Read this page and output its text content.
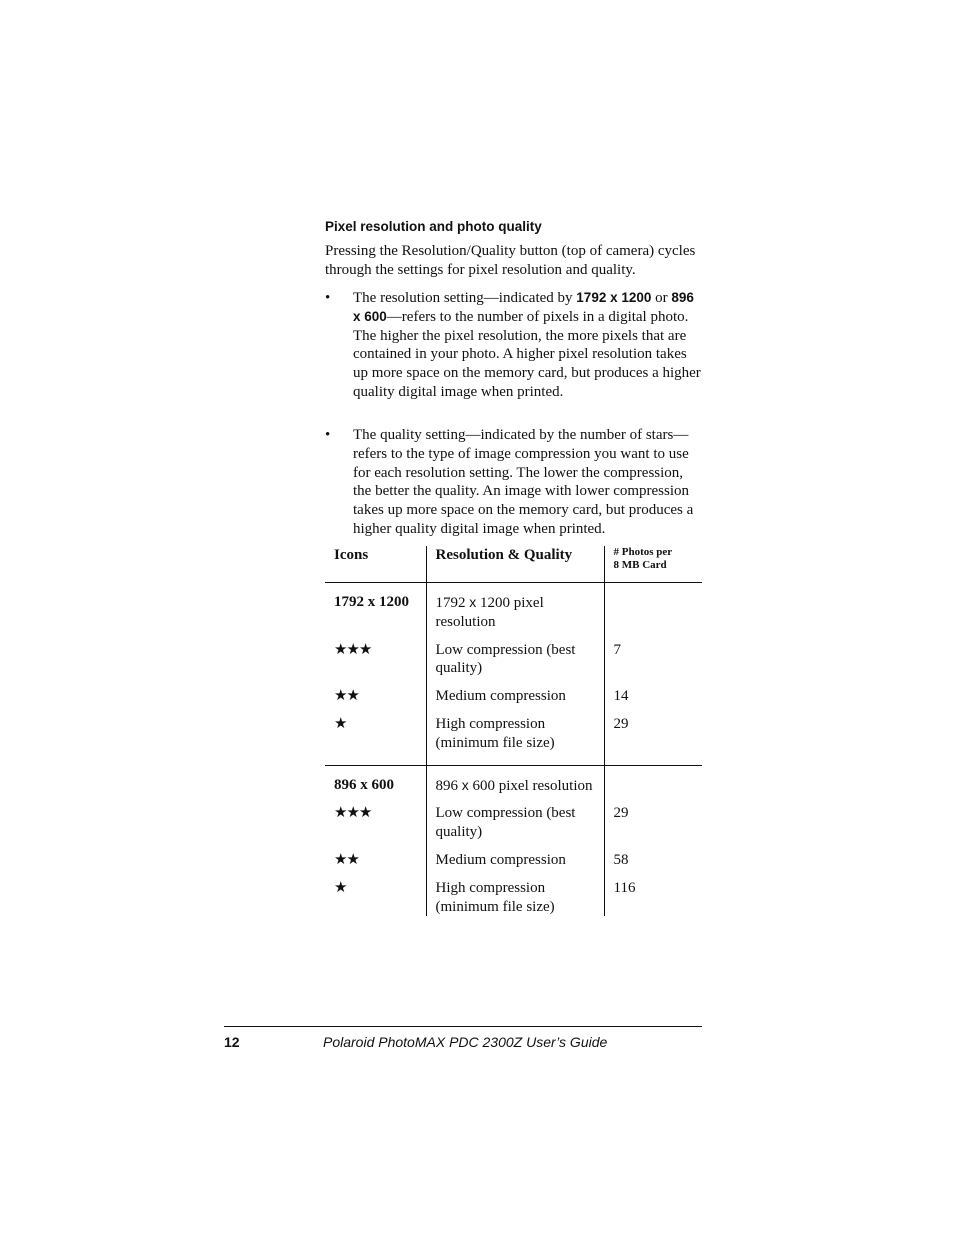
Pixel resolution and photo quality

Pressing the Resolution/Quality button (top of camera) cycles through the settings for pixel resolution and quality.

• The resolution setting—indicated by 1792 x 1200 or 896 x 600—refers to the number of pixels in a digital photo. The higher the pixel resolution, the more pixels that are contained in your photo. A higher pixel resolution takes up more space on the memory card, but produces a higher quality digital image when printed.
• The quality setting—indicated by the number of stars—refers to the type of image compression you want to use for each resolution setting. The lower the compression, the better the quality. An image with lower compression takes up more space on the memory card, but produces a higher quality digital image when printed.
Icons	Resolution & Quality	# Photos per
8 MB Card
1792 x 1200	1792 x 1200 pixel resolution	
★★★	Low compression (best quality)	7
★★	Medium compression	14
★	High compression (minimum file size)	29
896 x 600	896 x 600 pixel resolution	
★★★	Low compression (best quality)	29
★★	Medium compression	58
★	High compression (minimum file size)	116
12	Polaroid PhotoMAX PDC 2300Z User’s Guide
